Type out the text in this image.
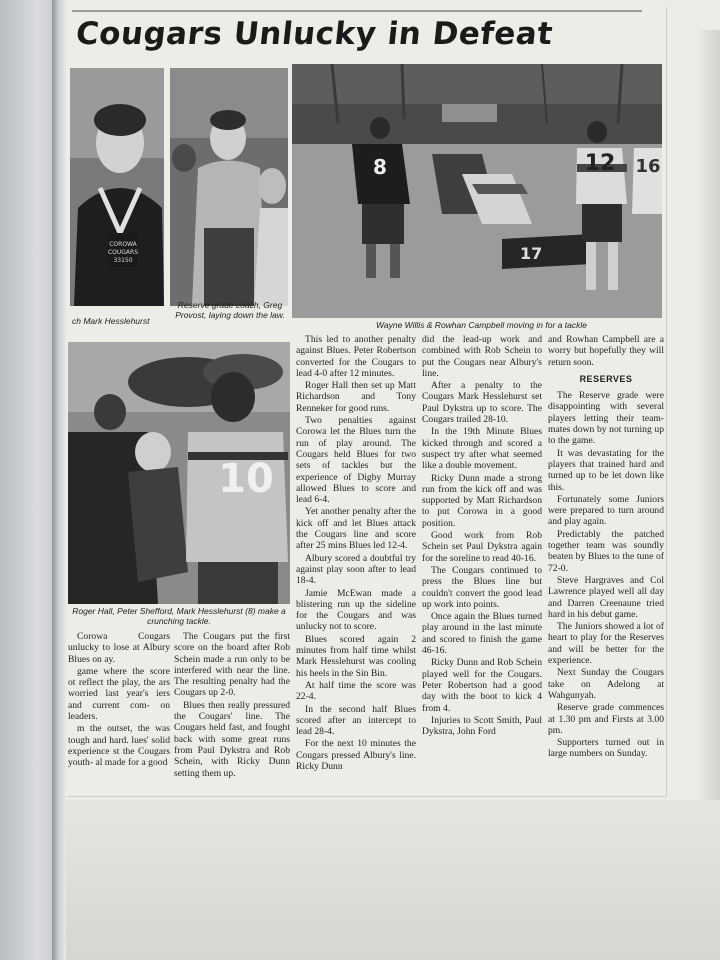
Cougars Unlucky in Defeat
COROWA
COUGARS
33150
ch Mark Hesslehurst
Reserve grade coach, Greg Provost, laying down the law.
8
17
12 16
Wayne Willis & Rowhan Campbell moving in for a tackle
10
Roger Hall, Peter Shefford, Mark Hesslehurst (8) make a crunching tackle.

Corowa Cougars unlucky to lose at Albury Blues on ay.

game where the score ot reflect the play, the ars worried last year's iers and current com- on leaders.

m the outset, the was tough and hard. lues' solid experience st the Cougars youth- al made for a good

The Cougars put the first score on the board after Rob Schein made a run only to be interfered with near the line. The resulting penalty had the Cougars up 2-0.

Blues then really pressured the Cougars' line. The Cougars held fast, and fought back with some great runs from Paul Dykstra and Rob Schein, with Ricky Dunn setting them up.

This led to another penalty against Blues. Peter Robertson converted for the Cougars to lead 4-0 after 12 minutes.

Roger Hall then set up Matt Richardson and Tony Renneker for good runs.

Two penalties against Corowa let the Blues turn the run of play around. The Cougars held Blues for two sets of tackles but the experience of Digby Murray allowed Blues to score and lead 6-4.

Yet another penalty after the kick off and let Blues attack the Cougars line and score after 25 mins Blues led 12-4.

Albury scored a doubtful try against play soon after to lead 18-4.

Jamie McEwan made a blistering run up the sideline for the Cougars and was unlucky not to score.

Blues scored again 2 minutes from half time whilst Mark Hesslehurst was cooling his heels in the Sin Bin.

At half time the score was 22-4.

In the second half Blues scored after an intercept to lead 28-4.

For the next 10 minutes the Cougars pressed Albury's line. Ricky Dunn

did the lead-up work and combined with Rob Schein to put the Cougars near Albury's line.

After a penalty to the Cougars Mark Hesslehurst set Paul Dykstra up to score. The Cougars trailed 28-10.

In the 19th Minute Blues kicked through and scored a suspect try after what seemed like a double movement.

Ricky Dunn made a strong run from the kick off and was supported by Matt Richardson to put Corowa in a good position.

Good work from Rob Schein set Paul Dykstra again for the soreline to read 40-16.

The Cougars continued to press the Blues line but couldn't convert the good lead up work into points.

Once again the Blues turned play around in the last minute and scored to finish the game 46-16.

Ricky Dunn and Rob Schein played well for the Cougars. Peter Robertson had a good day with the boot to kick 4 from 4.

Injuries to Scott Smith, Paul Dykstra, John Ford

and Rowhan Campbell are a worry but hopefully they will return soon.

RESERVES

The Reserve grade were disappointing with several players letting their team-mates down by not turning up to the game.

It was devastating for the players that trained hard and turned up to be let down like this.

Fortunately some Juniors were prepared to turn around and play again.

Predictably the patched together team was soundly beaten by Blues to the tune of 72-0.

Steve Hargraves and Col Lawrence played well all day and Darren Creenaune tried hard in his debut game.

The Juniors showed a lot of heart to play for the Reserves and will be better for the experience.

Next Sunday the Cougars take on Adelong at Wahgunyah.

Reserve grade commences at 1.30 pm and Firsts at 3.00 pm.

Supporters turned out in large numbers on Sunday.
